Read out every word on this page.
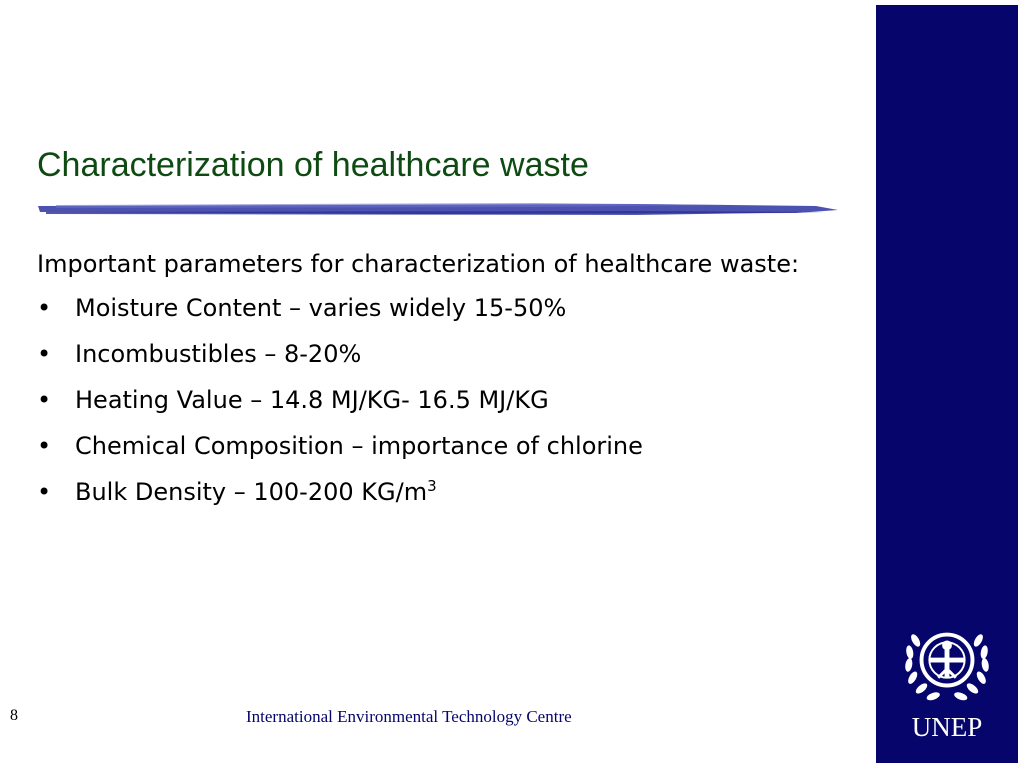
Characterization of healthcare waste

Important parameters for characterization of healthcare waste:

• Moisture Content – varies widely 15-50%
• Incombustibles – 8-20%
• Heating Value – 14.8 MJ/KG- 16.5 MJ/KG
• Chemical Composition – importance of chlorine
• Bulk Density – 100-200 $KG/m^3$
UNEP
8	International Environmental Technology Centre
